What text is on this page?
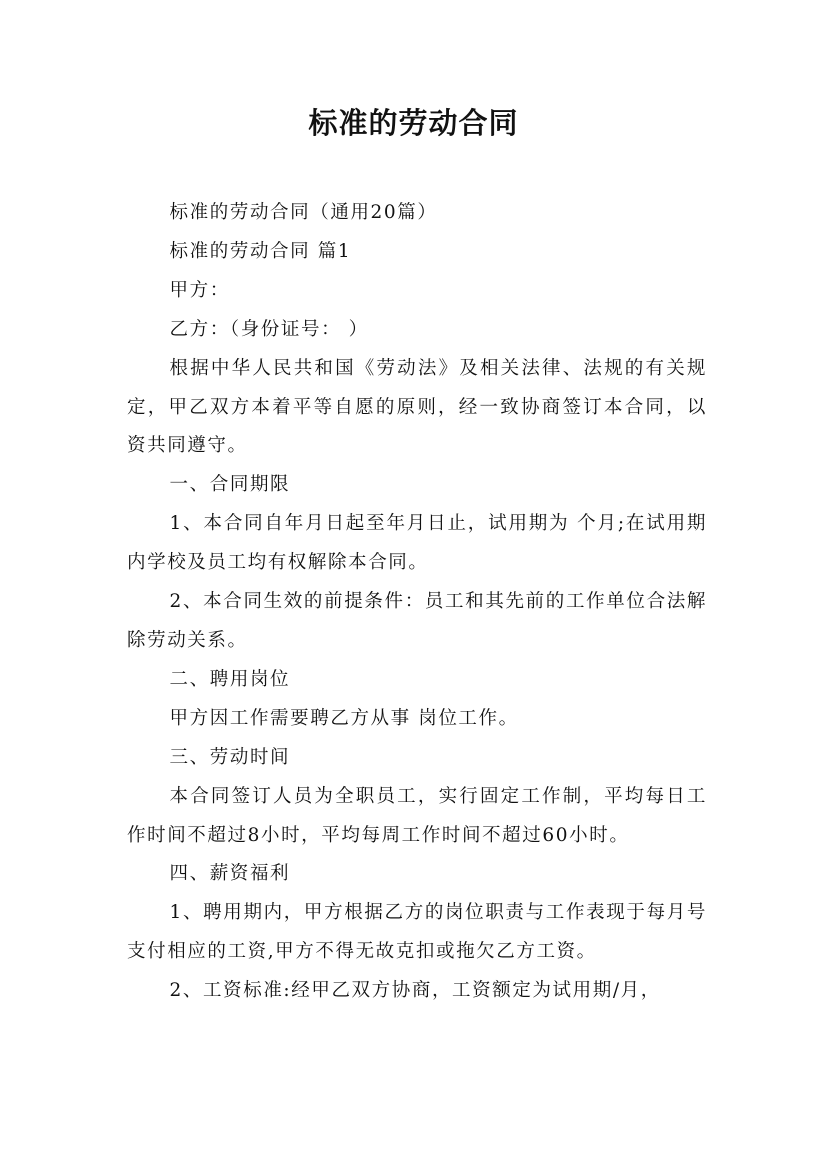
标准的劳动合同

标准的劳动合同（通用20篇）

标准的劳动合同 篇1

甲方：

乙方：（身份证号： ）

根据中华人民共和国《劳动法》及相关法律、法规的有关规定，甲乙双方本着平等自愿的原则，经一致协商签订本合同，以资共同遵守。

一、合同期限

1、本合同自年月日起至年月日止，试用期为 个月;在试用期内学校及员工均有权解除本合同。

2、本合同生效的前提条件：员工和其先前的工作单位合法解除劳动关系。

二、聘用岗位

甲方因工作需要聘乙方从事 岗位工作。

三、劳动时间

本合同签订人员为全职员工，实行固定工作制，平均每日工作时间不超过8小时，平均每周工作时间不超过60小时。

四、薪资福利

1、聘用期内，甲方根据乙方的岗位职责与工作表现于每月号支付相应的工资,甲方不得无故克扣或拖欠乙方工资。

2、工资标准:经甲乙双方协商，工资额定为试用期/月，
